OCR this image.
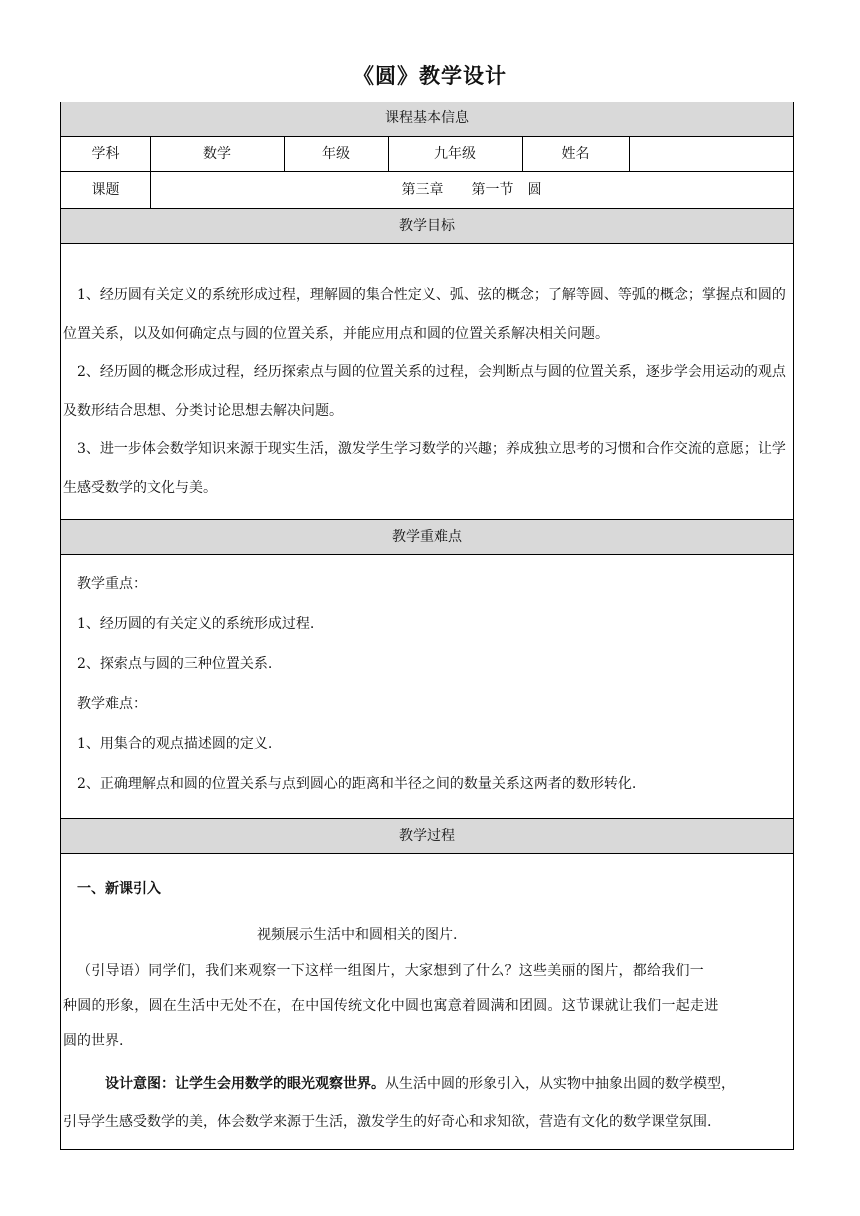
《圆》教学设计
课程基本信息
学科	数学	年级	九年级	姓名
课题	第三章　　第一节　圆
教学目标

1、经历圆有关定义的系统形成过程，理解圆的集合性定义、弧、弦的概念；了解等圆、等弧的概念；掌握点和圆的位置关系，以及如何确定点与圆的位置关系，并能应用点和圆的位置关系解决相关问题。

2、经历圆的概念形成过程，经历探索点与圆的位置关系的过程，会判断点与圆的位置关系，逐步学会用运动的观点及数形结合思想、分类讨论思想去解决问题。

3、进一步体会数学知识来源于现实生活，激发学生学习数学的兴趣；养成独立思考的习惯和合作交流的意愿；让学生感受数学的文化与美。

教学重难点
教学重点：
1、经历圆的有关定义的系统形成过程.
2、探索点与圆的三种位置关系.
教学难点：
1、用集合的观点描述圆的定义.
2、正确理解点和圆的位置关系与点到圆心的距离和半径之间的数量关系这两者的数形转化.
教学过程
一、新课引入
视频展示生活中和圆相关的图片.
（引导语）同学们，我们来观察一下这样一组图片，大家想到了什么？这些美丽的图片，都给我们一
种圆的形象，圆在生活中无处不在，在中国传统文化中圆也寓意着圆满和团圆。这节课就让我们一起走进
圆的世界.
设计意图：让学生会用数学的眼光观察世界。从生活中圆的形象引入，从实物中抽象出圆的数学模型，
引导学生感受数学的美，体会数学来源于生活，激发学生的好奇心和求知欲，营造有文化的数学课堂氛围.
